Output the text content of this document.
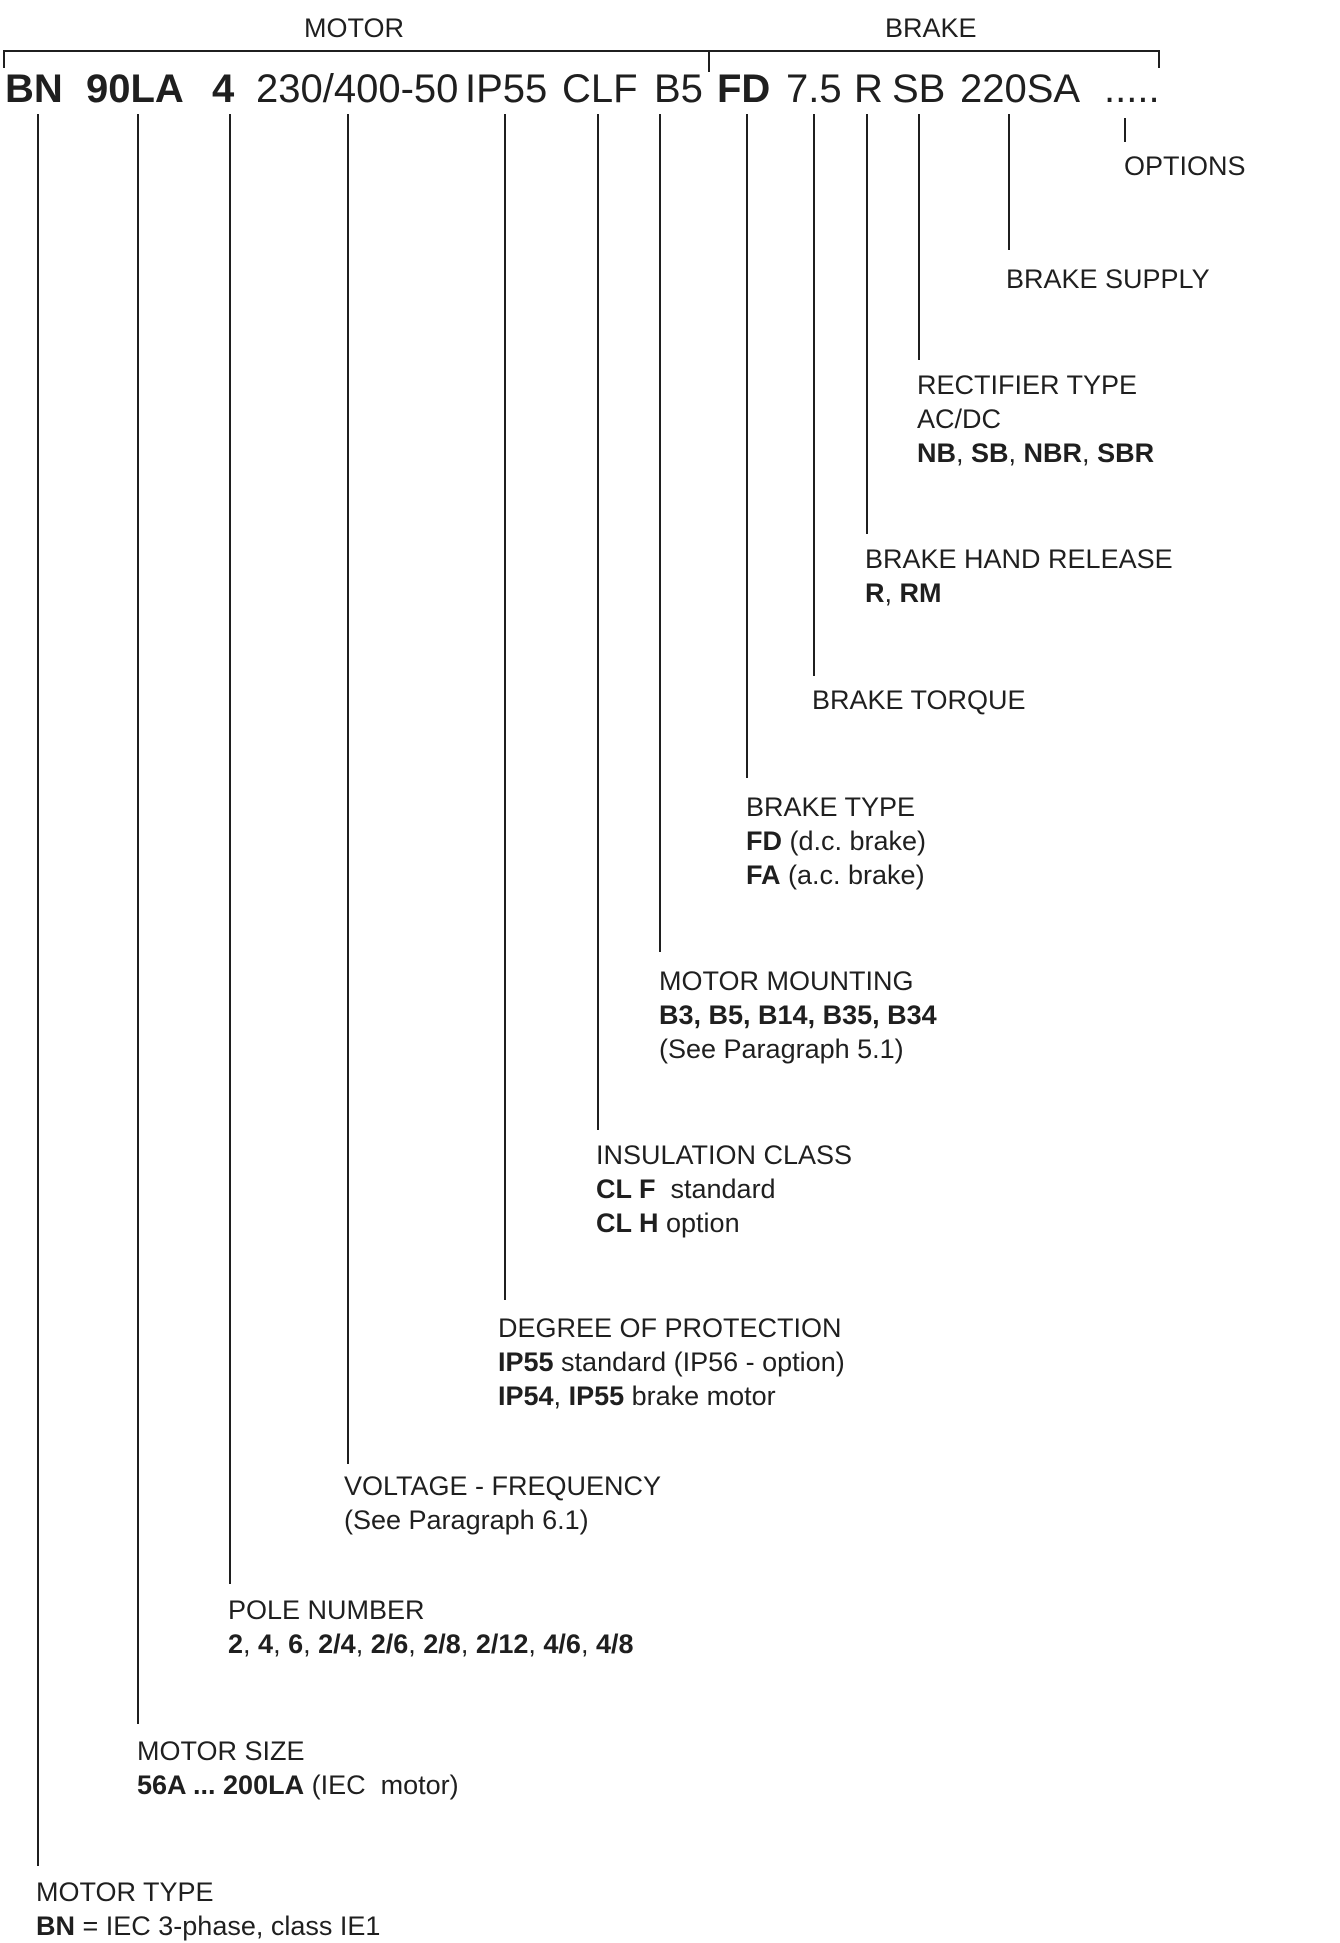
MOTOR	BRAKE
BN 90LA 4 230/400-50 IP55 CLF B5 FD 7.5 R SB 220SA .....
OPTIONS
BRAKE SUPPLY
RECTIFIER TYPE
AC/DC
NB, SB, NBR, SBR
BRAKE HAND RELEASE
R, RM
BRAKE TORQUE
BRAKE TYPE
FD (d.c. brake)
FA (a.c. brake)
MOTOR MOUNTING
B3, B5, B14, B35, B34
(See Paragraph 5.1)
INSULATION CLASS
CL F  standard
CL H option
DEGREE OF PROTECTION
IP55 standard (IP56 - option)
IP54, IP55 brake motor
VOLTAGE - FREQUENCY
(See Paragraph 6.1)
POLE NUMBER
2, 4, 6, 2/4, 2/6, 2/8, 2/12, 4/6, 4/8
MOTOR SIZE
56A ... 200LA (IEC  motor)
MOTOR TYPE
BN = IEC 3-phase, class IE1
